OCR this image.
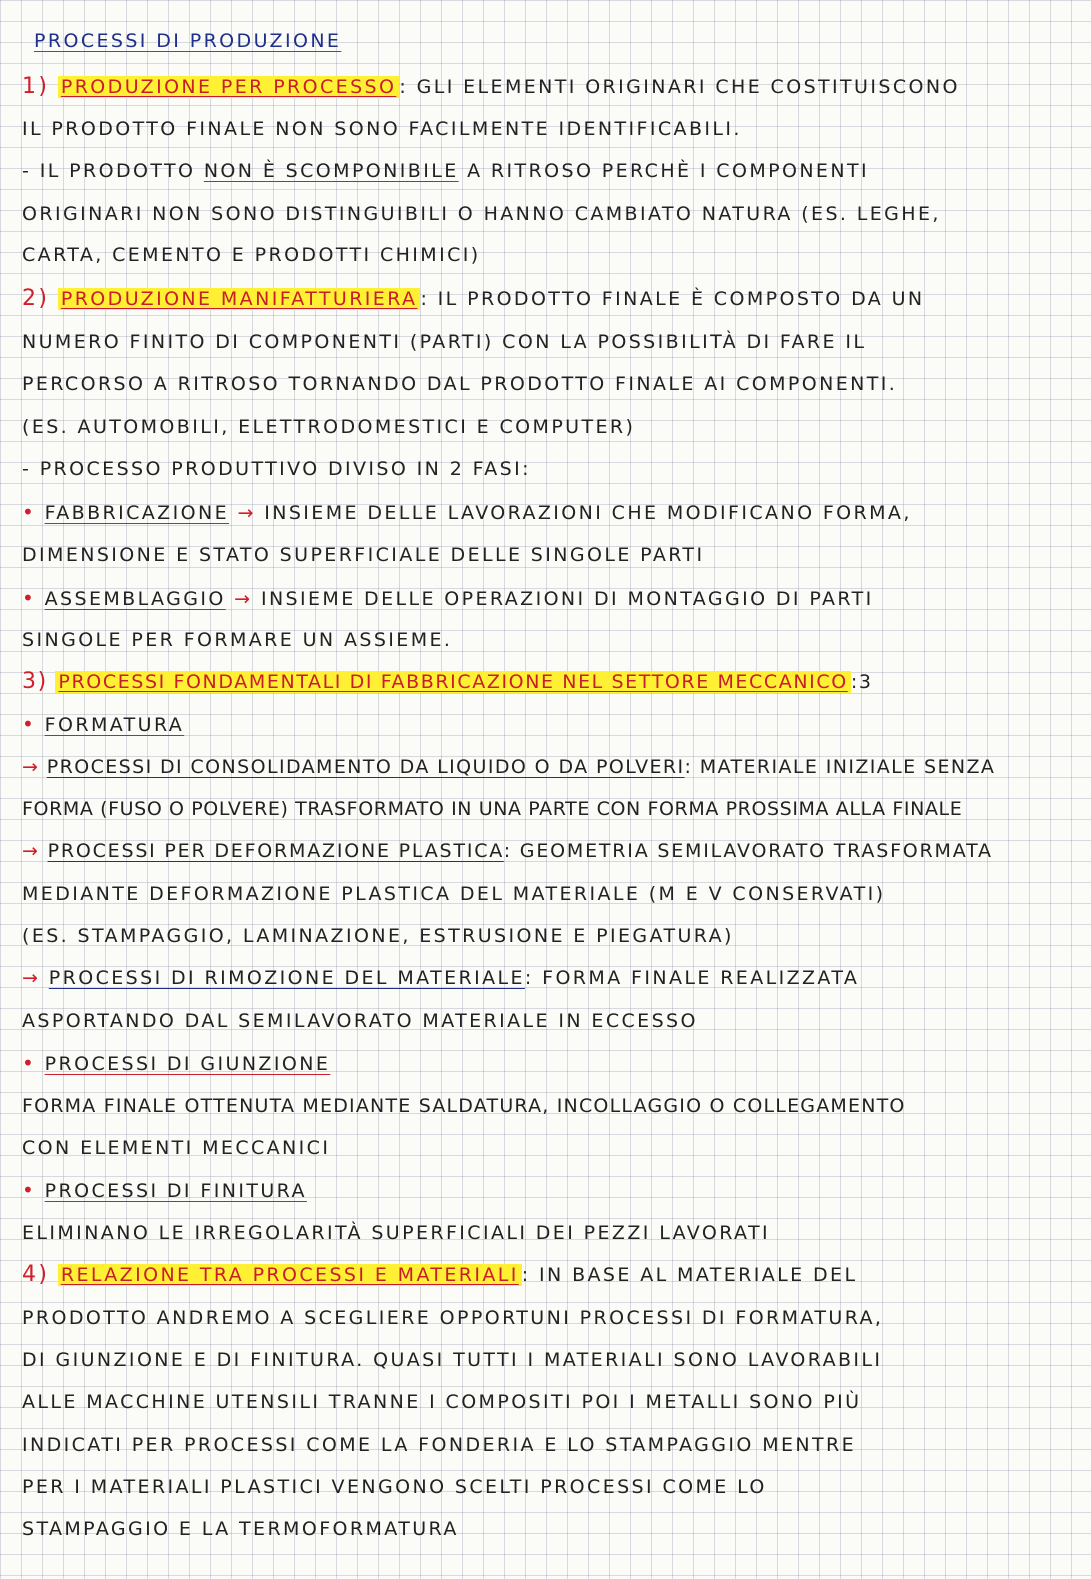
PROCESSI DI PRODUZIONE
1) PRODUZIONE PER PROCESSO : GLI ELEMENTI ORIGINARI CHE COSTITUISCONO
IL PRODOTTO FINALE NON SONO FACILMENTE IDENTIFICABILI.
- IL PRODOTTO NON È SCOMPONIBILE A RITROSO PERCHÈ I COMPONENTI
ORIGINARI NON SONO DISTINGUIBILI O HANNO CAMBIATO NATURA (ES. LEGHE,
CARTA, CEMENTO E PRODOTTI CHIMICI)
2) PRODUZIONE MANIFATTURIERA : IL PRODOTTO FINALE È COMPOSTO DA UN
NUMERO FINITO DI COMPONENTI (PARTI) CON LA POSSIBILITÀ DI FARE IL
PERCORSO A RITROSO TORNANDO DAL PRODOTTO FINALE AI COMPONENTI.
(ES. AUTOMOBILI, ELETTRODOMESTICI E COMPUTER)
- PROCESSO PRODUTTIVO DIVISO IN 2 FASI:
• FABBRICAZIONE → INSIEME DELLE LAVORAZIONI CHE MODIFICANO FORMA,
DIMENSIONE E STATO SUPERFICIALE DELLE SINGOLE PARTI
• ASSEMBLAGGIO → INSIEME DELLE OPERAZIONI DI MONTAGGIO DI PARTI
SINGOLE PER FORMARE UN ASSIEME.
3) PROCESSI FONDAMENTALI DI FABBRICAZIONE NEL SETTORE MECCANICO :3
• FORMATURA
→ PROCESSI DI CONSOLIDAMENTO DA LIQUIDO O DA POLVERI: MATERIALE INIZIALE SENZA
FORMA (FUSO O POLVERE) TRASFORMATO IN UNA PARTE CON FORMA PROSSIMA ALLA FINALE
→ PROCESSI PER DEFORMAZIONE PLASTICA: GEOMETRIA SEMILAVORATO TRASFORMATA
MEDIANTE DEFORMAZIONE PLASTICA DEL MATERIALE (M E V CONSERVATI)
(ES. STAMPAGGIO, LAMINAZIONE, ESTRUSIONE E PIEGATURA)
→ PROCESSI DI RIMOZIONE DEL MATERIALE: FORMA FINALE REALIZZATA
ASPORTANDO DAL SEMILAVORATO MATERIALE IN ECCESSO
• PROCESSI DI GIUNZIONE
FORMA FINALE OTTENUTA MEDIANTE SALDATURA, INCOLLAGGIO O COLLEGAMENTO
CON ELEMENTI MECCANICI
• PROCESSI DI FINITURA
ELIMINANO LE IRREGOLARITÀ SUPERFICIALI DEI PEZZI LAVORATI
4) RELAZIONE TRA PROCESSI E MATERIALI : IN BASE AL MATERIALE DEL
PRODOTTO ANDREMO A SCEGLIERE OPPORTUNI PROCESSI DI FORMATURA,
DI GIUNZIONE E DI FINITURA. QUASI TUTTI I MATERIALI SONO LAVORABILI
ALLE MACCHINE UTENSILI TRANNE I COMPOSITI POI I METALLI SONO PIÙ
INDICATI PER PROCESSI COME LA FONDERIA E LO STAMPAGGIO MENTRE
PER I MATERIALI PLASTICI VENGONO SCELTI PROCESSI COME LO
STAMPAGGIO E LA TERMOFORMATURA
